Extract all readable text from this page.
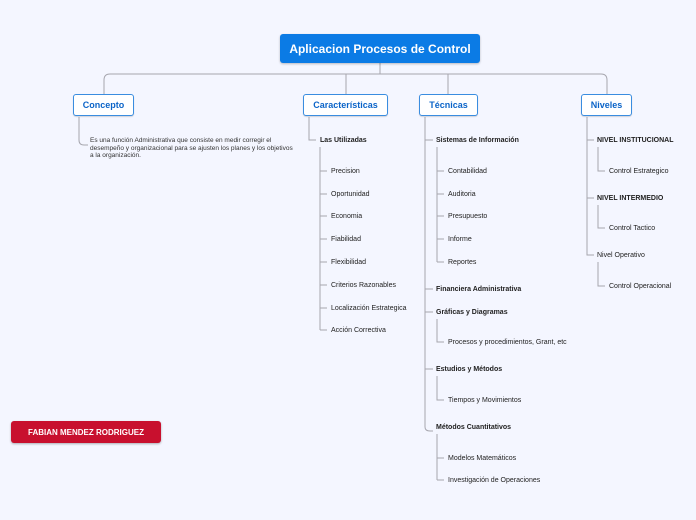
Aplicacion Procesos de Control
Concepto	Características	Técnicas	Niveles
Es una función Administrativa que consiste en medir corregir el desempeño y organizacional para se ajusten los planes y los objetivos a la organización.
Las Utilizadas
Precision
Oportunidad
Economia
Fiabilidad
Flexibilidad
Criterios Razonables
Localización Estrategica
Acción Correctiva
Sistemas de Información
Contabilidad
Auditoria
Presupuesto
Informe
Reportes
Financiera Administrativa
Gráficas y Diagramas
Procesos y procedimientos, Grant, etc
Estudios y Métodos
Tiempos y Movimientos
Métodos Cuantitativos
Modelos Matemáticos
Investigación de Operaciones
NIVEL INSTITUCIONAL
Control Estrategico
NIVEL INTERMEDIO
Control Tactico
Nivel Operativo
Control Operacional
FABIAN MENDEZ RODRIGUEZ
